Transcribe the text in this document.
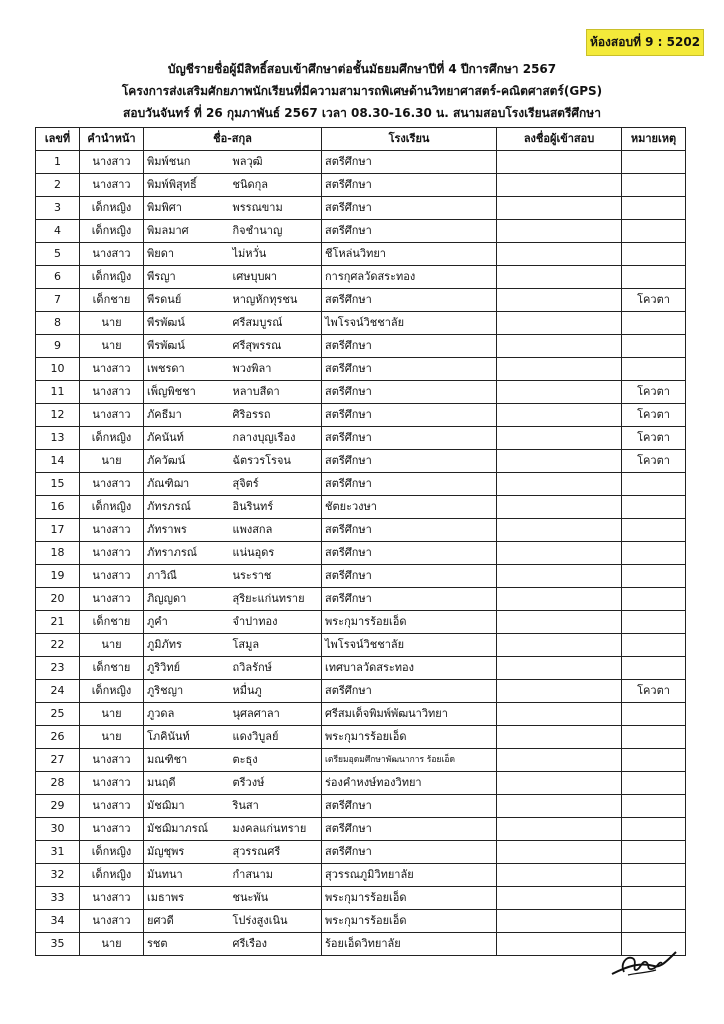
ห้องสอบที่ 9 : 5202
บัญชีรายชื่อผู้มีสิทธิ์สอบเข้าศึกษาต่อชั้นมัธยมศึกษาปีที่ 4 ปีการศึกษา 2567
โครงการส่งเสริมศักยภาพนักเรียนที่มีความสามารถพิเศษด้านวิทยาศาสตร์-คณิตศาสตร์(GPS)
สอบวันจันทร์ ที่ 26 กุมภาพันธ์ 2567 เวลา 08.30-16.30 น. สนามสอบโรงเรียนสตรีศึกษา
เลขที่	คำนำหน้า	ชื่อ-สกุล		โรงเรียน	ลงชื่อผู้เข้าสอบ	หมายเหตุ
1	นางสาว	พิมพ์ชนก	พลวุฒิ	สตรีศึกษา		
2	นางสาว	พิมพ์พิสุทธิ์	ชนิดกุล	สตรีศึกษา		
3	เด็กหญิง	พิมพิศา	พรรณขาม	สตรีศึกษา		
4	เด็กหญิง	พิมลมาศ	กิจชำนาญ	สตรีศึกษา		
5	นางสาว	พิยดา	ไม่หวั่น	ชีโหล่นวิทยา		
6	เด็กหญิง	พีรญา	เศษบุบผา	การกุศลวัดสระทอง		
7	เด็กชาย	พีรดนย์	หาญหักทุรชน	สตรีศึกษา		โควตา
8	นาย	พีรพัฒน์	ศรีสมบูรณ์	ไพโรจน์วิชชาลัย		
9	นาย	พีรพัฒน์	ศรีสุพรรณ	สตรีศึกษา		
10	นางสาว	เพชรดา	พวงพิลา	สตรีศึกษา		
11	นางสาว	เพ็ญพิชชา	หลาบสีดา	สตรีศึกษา		โควตา
12	นางสาว	ภัคธีมา	ศิริอรรถ	สตรีศึกษา		โควตา
13	เด็กหญิง	ภัคนันท์	กลางบุญเรือง	สตรีศึกษา		โควตา
14	นาย	ภัควัฒน์	ฉัตรวรโรจน	สตรีศึกษา		โควตา
15	นางสาว	ภัณฑิฌา	สุจิตร์	สตรีศึกษา		
16	เด็กหญิง	ภัทรภรณ์	อินรินทร์	ชัตยะวงษา		
17	นางสาว	ภัทราพร	แพงสกล	สตรีศึกษา		
18	นางสาว	ภัทราภรณ์	แน่นอุดร	สตรีศึกษา		
19	นางสาว	ภาวิณี	นระราช	สตรีศึกษา		
20	นางสาว	ภิญญดา	สุริยะแก่นทราย	สตรีศึกษา		
21	เด็กชาย	ภูคำ	จำปาทอง	พระกุมารร้อยเอ็ด		
22	นาย	ภูมิภัทร	โสมูล	ไพโรจน์วิชชาลัย		
23	เด็กชาย	ภูริวิทย์	ถวิลรักษ์	เทศบาลวัดสระทอง		
24	เด็กหญิง	ภูริชญา	หมื่นภู	สตรีศึกษา		โควตา
25	นาย	ภูวดล	นุศลศาลา	ศรีสมเด็จพิมพ์พัฒนาวิทยา		
26	นาย	โภคินันท์	แดงวิบูลย์	พระกุมารร้อยเอ็ด		
27	นางสาว	มณฑิชา	ตะธุง	เตรียมอุดมศึกษาพัฒนาการ ร้อยเอ็ด		
28	นางสาว	มนฤดี	ตรีวงษ์	ร่องคำหงษ์ทองวิทยา		
29	นางสาว	มัชฌิมา	รินสา	สตรีศึกษา		
30	นางสาว	มัชฌิมาภรณ์	มงคลแก่นทราย	สตรีศึกษา		
31	เด็กหญิง	มัญชุพร	สุวรรณศรี	สตรีศึกษา		
32	เด็กหญิง	มันทนา	กำสนาม	สุวรรณภูมิวิทยาลัย		
33	นางสาว	เมธาพร	ชนะพัน	พระกุมารร้อยเอ็ด		
34	นางสาว	ยศวดี	โปร่งสูงเนิน	พระกุมารร้อยเอ็ด		
35	นาย	รชต	ศรีเรือง	ร้อยเอ็ดวิทยาลัย		
